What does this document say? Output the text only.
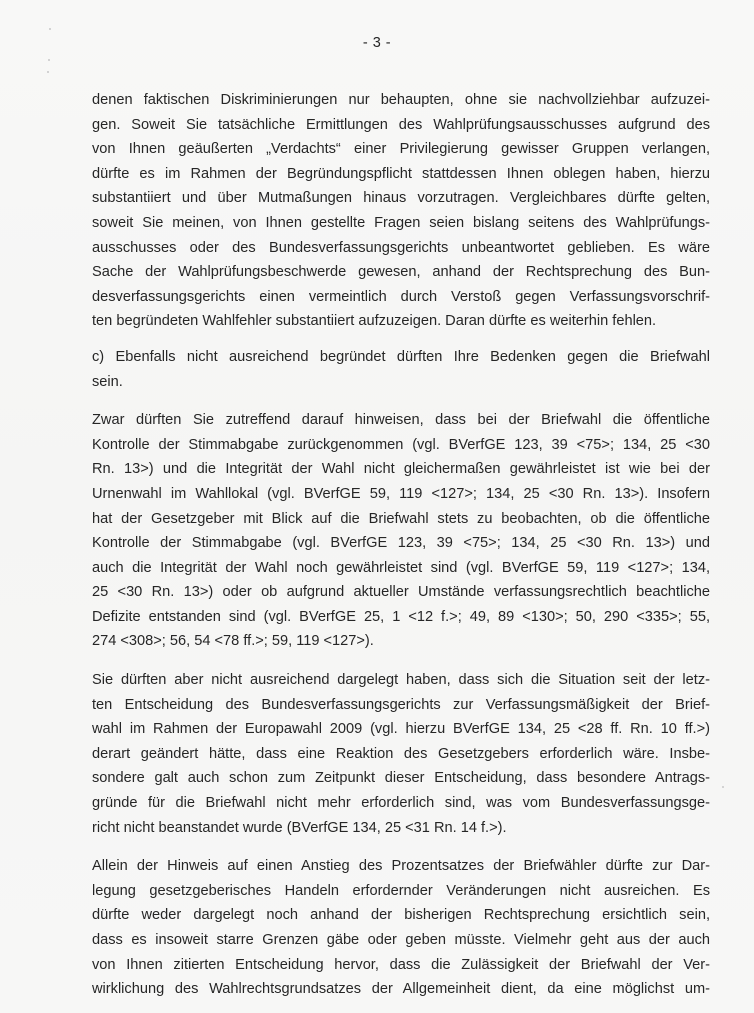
- 3 -
denen faktischen Diskriminierungen nur behaupten, ohne sie nachvollziehbar aufzuzei-
gen. Soweit Sie tatsächliche Ermittlungen des Wahlprüfungsausschusses aufgrund des
von Ihnen geäußerten „Verdachts“ einer Privilegierung gewisser Gruppen verlangen,
dürfte es im Rahmen der Begründungspflicht stattdessen Ihnen oblegen haben, hierzu
substantiiert und über Mutmaßungen hinaus vorzutragen. Vergleichbares dürfte gelten,
soweit Sie meinen, von Ihnen gestellte Fragen seien bislang seitens des Wahlprüfungs-
ausschusses oder des Bundesverfassungsgerichts unbeantwortet geblieben. Es wäre
Sache der Wahlprüfungsbeschwerde gewesen, anhand der Rechtsprechung des Bun-
desverfassungsgerichts einen vermeintlich durch Verstoß gegen Verfassungsvorschrif-
ten begründeten Wahlfehler substantiiert aufzuzeigen. Daran dürfte es weiterhin fehlen.
c) Ebenfalls nicht ausreichend begründet dürften Ihre Bedenken gegen die Briefwahl
sein.
Zwar dürften Sie zutreffend darauf hinweisen, dass bei der Briefwahl die öffentliche
Kontrolle der Stimmabgabe zurückgenommen (vgl. BVerfGE 123, 39 <75>; 134, 25 <30
Rn. 13>) und die Integrität der Wahl nicht gleichermaßen gewährleistet ist wie bei der
Urnenwahl im Wahllokal (vgl. BVerfGE 59, 119 <127>; 134, 25 <30 Rn. 13>). Insofern
hat der Gesetzgeber mit Blick auf die Briefwahl stets zu beobachten, ob die öffentliche
Kontrolle der Stimmabgabe (vgl. BVerfGE 123, 39 <75>; 134, 25 <30 Rn. 13>) und
auch die Integrität der Wahl noch gewährleistet sind (vgl. BVerfGE 59, 119 <127>; 134,
25 <30 Rn. 13>) oder ob aufgrund aktueller Umstände verfassungsrechtlich beachtliche
Defizite entstanden sind (vgl. BVerfGE 25, 1 <12 f.>; 49, 89 <130>; 50, 290 <335>; 55,
274 <308>; 56, 54 <78 ff.>; 59, 119 <127>).
Sie dürften aber nicht ausreichend dargelegt haben, dass sich die Situation seit der letz-
ten Entscheidung des Bundesverfassungsgerichts zur Verfassungsmäßigkeit der Brief-
wahl im Rahmen der Europawahl 2009 (vgl. hierzu BVerfGE 134, 25 <28 ff. Rn. 10 ff.>)
derart geändert hätte, dass eine Reaktion des Gesetzgebers erforderlich wäre. Insbe-
sondere galt auch schon zum Zeitpunkt dieser Entscheidung, dass besondere Antrags-
gründe für die Briefwahl nicht mehr erforderlich sind, was vom Bundesverfassungsge-
richt nicht beanstandet wurde (BVerfGE 134, 25 <31 Rn. 14 f.>).
Allein der Hinweis auf einen Anstieg des Prozentsatzes der Briefwähler dürfte zur Dar-
legung gesetzgeberisches Handeln erfordernder Veränderungen nicht ausreichen. Es
dürfte weder dargelegt noch anhand der bisherigen Rechtsprechung ersichtlich sein,
dass es insoweit starre Grenzen gäbe oder geben müsste. Vielmehr geht aus der auch
von Ihnen zitierten Entscheidung hervor, dass die Zulässigkeit der Briefwahl der Ver-
wirklichung des Wahlrechtsgrundsatzes der Allgemeinheit dient, da eine möglichst um-
